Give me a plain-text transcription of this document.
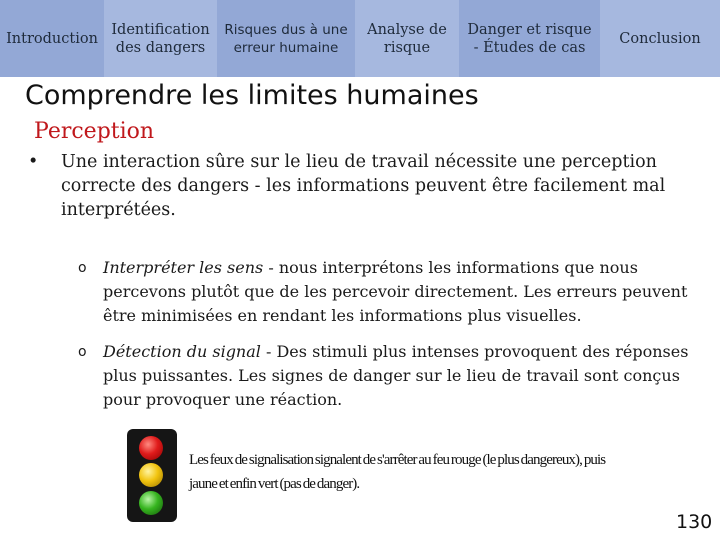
Introduction
Identification
des dangers
Risques dus à une
erreur humaine
Analyse de
risque
Danger et risque
- Études de cas
Conclusion
Comprendre les limites humaines
Perception
• Une interaction sûre sur le lieu de travail nécessite une perception correcte des dangers - les informations peuvent être facilement mal interprétées.
o Interpréter les sens - nous interprétons les informations que nous percevons plutôt que de les percevoir directement. Les erreurs peuvent être minimisées en rendant les informations plus visuelles.
o Détection du signal - Des stimuli plus intenses provoquent des réponses plus puissantes. Les signes de danger sur le lieu de travail sont conçus pour provoquer une réaction.
Les feux de signalisation signalent de s'arrêter au feu rouge (le plus dangereux), puis jaune et enfin vert (pas de danger).
130
